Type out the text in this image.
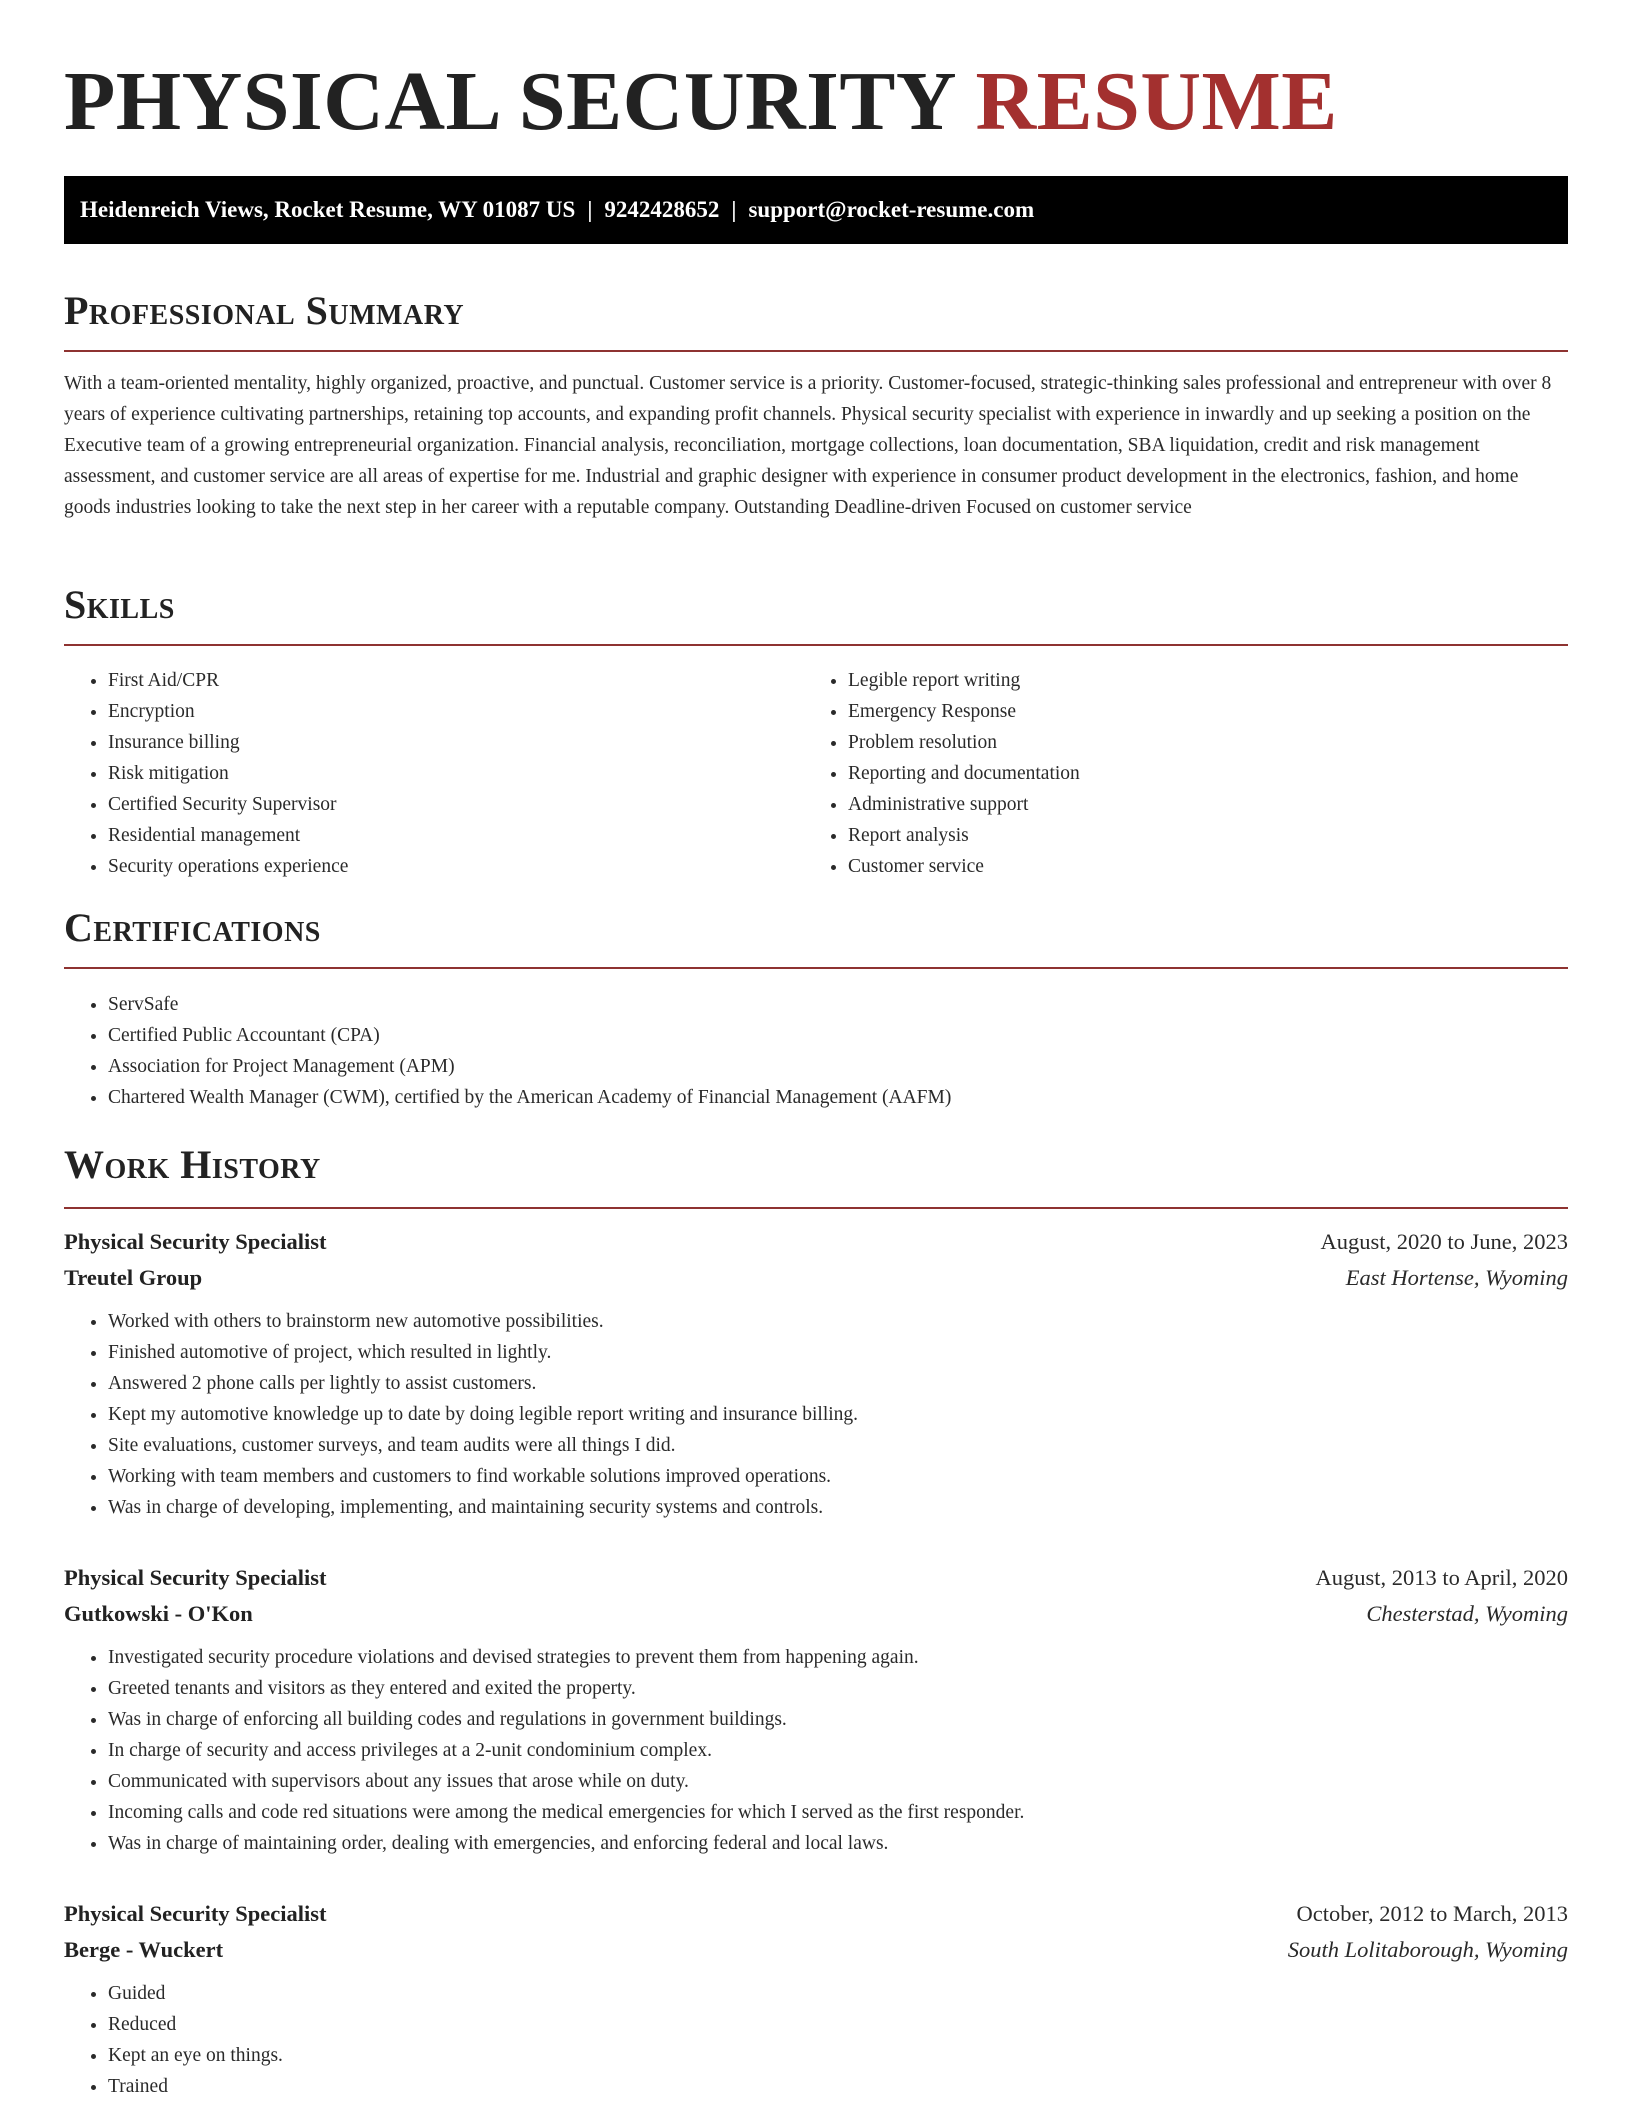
PHYSICAL SECURITY RESUME
Heidenreich Views, Rocket Resume, WY 01087 US | 9242428652 | support@rocket-resume.com
Professional Summary

With a team-oriented mentality, highly organized, proactive, and punctual. Customer service is a priority. Customer-focused, strategic-thinking sales professional and entrepreneur with over 8 years of experience cultivating partnerships, retaining top accounts, and expanding profit channels. Physical security specialist with experience in inwardly and up seeking a position on the Executive team of a growing entrepreneurial organization. Financial analysis, reconciliation, mortgage collections, loan documentation, SBA liquidation, credit and risk management assessment, and customer service are all areas of expertise for me. Industrial and graphic designer with experience in consumer product development in the electronics, fashion, and home goods industries looking to take the next step in her career with a reputable company. Outstanding Deadline-driven Focused on customer service

Skills
• First Aid/CPR
• Encryption
• Insurance billing
• Risk mitigation
• Certified Security Supervisor
• Residential management
• Security operations experience
• Legible report writing
• Emergency Response
• Problem resolution
• Reporting and documentation
• Administrative support
• Report analysis
• Customer service
Certifications
• ServSafe
• Certified Public Accountant (CPA)
• Association for Project Management (APM)
• Chartered Wealth Manager (CWM), certified by the American Academy of Financial Management (AAFM)
Work History
Physical Security Specialist	August, 2020 to June, 2023
Treutel Group	East Hortense, Wyoming
• Worked with others to brainstorm new automotive possibilities.
• Finished automotive of project, which resulted in lightly.
• Answered 2 phone calls per lightly to assist customers.
• Kept my automotive knowledge up to date by doing legible report writing and insurance billing.
• Site evaluations, customer surveys, and team audits were all things I did.
• Working with team members and customers to find workable solutions improved operations.
• Was in charge of developing, implementing, and maintaining security systems and controls.
Physical Security Specialist	August, 2013 to April, 2020
Gutkowski - O'Kon	Chesterstad, Wyoming
• Investigated security procedure violations and devised strategies to prevent them from happening again.
• Greeted tenants and visitors as they entered and exited the property.
• Was in charge of enforcing all building codes and regulations in government buildings.
• In charge of security and access privileges at a 2-unit condominium complex.
• Communicated with supervisors about any issues that arose while on duty.
• Incoming calls and code red situations were among the medical emergencies for which I served as the first responder.
• Was in charge of maintaining order, dealing with emergencies, and enforcing federal and local laws.
Physical Security Specialist	October, 2012 to March, 2013
Berge - Wuckert	South Lolitaborough, Wyoming
• Guided
• Reduced
• Kept an eye on things.
• Trained
